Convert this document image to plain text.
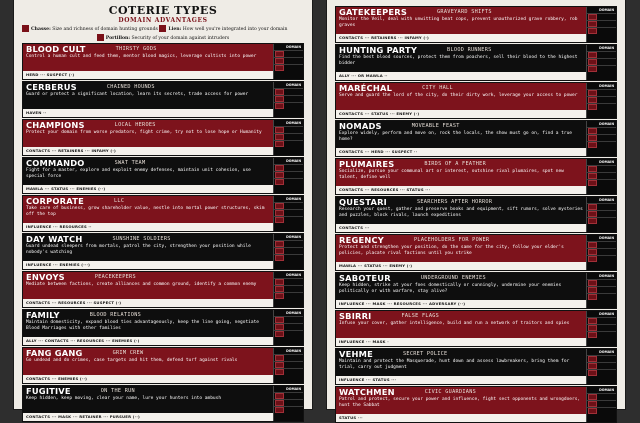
COTERIE TYPES
DOMAIN ADVANTAGES
Chasse: Size and richness of domain hunting grounds Lien: How well you're integrated into your domain
Portillon: Security of your domain against intruders
BLOOD CULT	THIRSTY GODS
Control a human cult and feed them, mentor blood magics, leverage cultists into power
HERD ··· SUSPECT (·)
DOMAIN
CERBERUS	CHAINED HOUNDS
Guard or protect a significant location, learn its secrets, trade access for power
HAVEN ··
DOMAIN
CHAMPIONS	LOCAL HEROES
Protect your domain from worse predators, fight crime, try not to lose hope or Humanity
CONTACTS ··· RETAINERS ··· INFAMY (·)
DOMAIN
COMMANDO	SWAT TEAM
Fight for a master, explore and exploit enemy defenses, maintain unit cohesion, use special force
MAWLA ··· STATUS ··· ENEMIES (··)
DOMAIN
CORPORATE	LLC
Take care of business, grow shareholder value, nestle into mortal power structures, skim off the top
INFLUENCE ··· RESOURCES ··
DOMAIN
DAY WATCH	SUNSHINE SOLDIERS
Guard undead sleepers from mortals, patrol the city, strengthen your position while nobody's watching
INFLUENCE ··· ENEMIES (···)
DOMAIN
ENVOYS	PEACEKEEPERS
Mediate between factions, create alliances and common ground, identify a common enemy
CONTACTS ··· RESOURCES ··· SUSPECT (·)
DOMAIN
FAMILY	BLOOD RELATIONS
Maintain domesticity, expand blood ties advantageously, keep the line going, negotiate Blood Marriages with other families
ALLY ··· CONTACTS ··· RESOURCES ··· ENEMIES (·)
DOMAIN
FANG GANG	GRIM CREW
Go undead and do crimes, case targets and hit them, defend turf against rivals
CONTACTS ··· ENEMIES (··)
DOMAIN
FUGITIVE	ON THE RUN
Keep hidden, keep moving, clear your name, lure your hunters into ambush
CONTACTS ··· MASK ··· RETAINER ··· PURSUER (··)
DOMAIN
GATEKEEPERS	GRAVEYARD SHIFTS
Monitor the Veil, deal with unwitting beat cops, prevent unauthorized grave robbery, rob graves
CONTACTS ··· RETAINERS ··· INFAMY (·)
DOMAIN
HUNTING PARTY	BLOOD RUNNERS
Find the best blood sources, protect them from poachers, sell their blood to the highest bidder
ALLY ··· OR MAWLA ··
DOMAIN
MARÉCHAL	CITY HALL
Serve and guard the lord of the city, do their dirty work, leverage your access to power
CONTACTS ··· STATUS ··· ENEMY (·)
DOMAIN
NOMADS	MOVEABLE FEAST
Explore widely, perform and move on, rock the locals, the show must go on, find a true home?
CONTACTS ··· HERD ··· SUSPECT ··
DOMAIN
PLUMAIRES	BIRDS OF A FEATHER
Socialize, pursue your communal art or interest, outshine rival plumaires, spot new talent, define well
CONTACTS ··· RESOURCES ··· STATUS ···
DOMAIN
QUESTARI	SEARCHERS AFTER HORROR
Research your quest, gather and preserve books and equipment, sift rumors, solve mysteries and puzzles, block rivals, launch expeditions
CONTACTS ···
DOMAIN
REGENCY	PLACEHOLDERS FOR POWER
Protect and strengthen your position, do the same for the city, follow your elder's policies, placate rival factions until you strike
MAWLA ··· STATUS ··· ENEMY (·)
DOMAIN
SABOTEUR	UNDERGROUND ENEMIES
Keep hidden, strike at your foes domestically or cunningly, undermine your enemies politically or with warfare, stay alive?
INFLUENCE ··· MASK ··· RESOURCES ··· ADVERSARY (··)
DOMAIN
SBIRRI	FALSE FLAGS
Infuse your cover, gather intelligence, build and run a network of traitors and spies
INFLUENCE ··· MASK ·
DOMAIN
VEHME	SECRET POLICE
Maintain and protect the Masquerade, hunt down and assess lawbreakers, bring them for trial, carry out judgment
INFLUENCE ··· STATUS ···
DOMAIN
WATCHMEN	CIVIC GUARDIANS
Patrol and protect, secure your power and influence, fight sect opponents and wrongdoers, hunt the Sabbat
STATUS ···
DOMAIN
